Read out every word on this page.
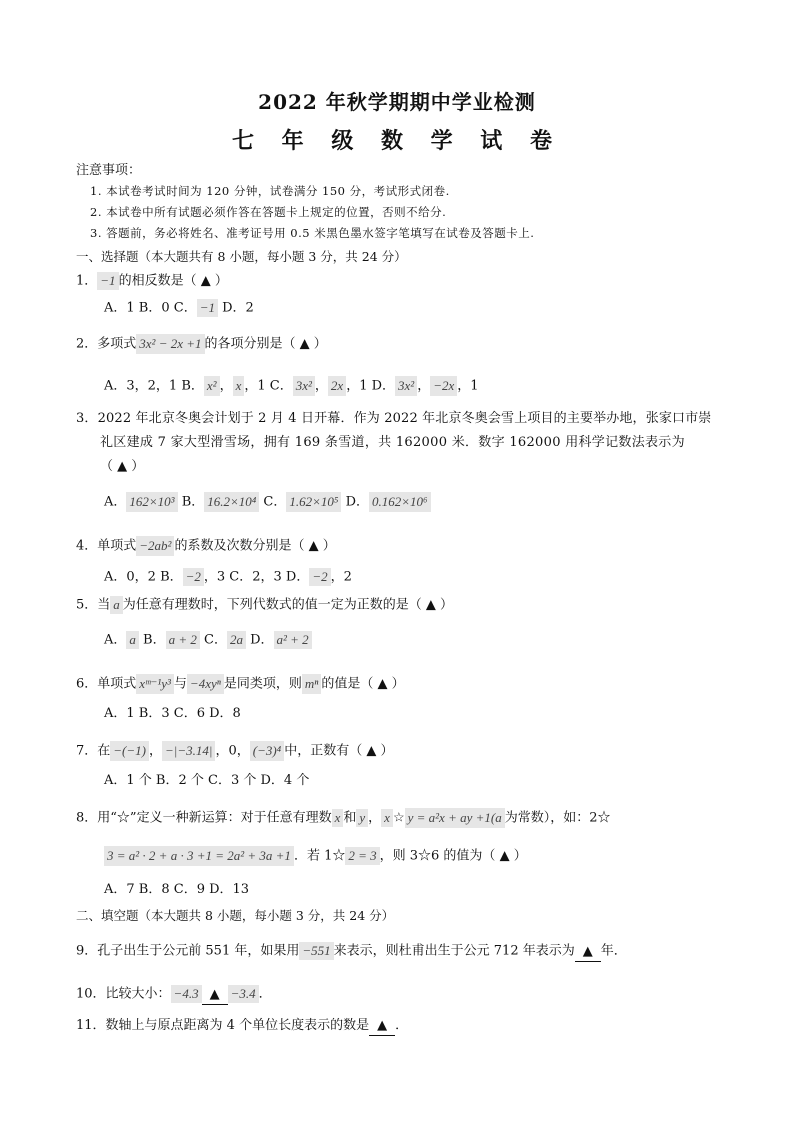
2022 年秋学期期中学业检测
七 年 级 数 学 试 卷
注意事项：
1. 本试卷考试时间为 120 分钟，试卷满分 150 分，考试形式闭卷.
2. 本试卷中所有试题必须作答在答题卡上规定的位置，否则不给分.
3. 答题前，务必将姓名、准考证号用 0.5 米黑色墨水签字笔填写在试卷及答题卡上.
一、选择题（本大题共有 8 小题，每小题 3 分，共 24 分）
1． −1 的相反数是（ ▲ ）
A．1 B．0 C． −1 D．2
2．多项式 3x² − 2x +1 的各项分别是（ ▲ ）
A．3，2，1 B． x² ， x ，1 C． 3x² ， 2x ，1 D． 3x² ， −2x ，1
3．2022 年北京冬奥会计划于 2 月 4 日开幕．作为 2022 年北京冬奥会雪上项目的主要举办地，张家口市崇
礼区建成 7 家大型滑雪场，拥有 169 条雪道，共 162000 米．数字 162000 用科学记数法表示为
（ ▲ ）
A． 162×10³ B． 16.2×10⁴ C． 1.62×10⁵ D． 0.162×10⁶
4．单项式 −2ab² 的系数及次数分别是（ ▲ ）
A．0，2 B． −2 ，3 C．2，3 D． −2 ，2
5．当 a 为任意有理数时，下列代数式的值一定为正数的是（ ▲ ）
A． a B． a + 2 C． 2a D． a² + 2
6．单项式 xᵐ⁻¹y³ 与 −4xyⁿ 是同类项，则 mⁿ 的值是（ ▲ ）
A．1 B．3 C．6 D．8
7．在 −(−1) ， −|−3.14| ，0， (−3)⁴ 中，正数有（ ▲ ）
A．1 个 B．2 个 C．3 个 D．4 个
8．用“☆”定义一种新运算：对于任意有理数 x 和 y ， x ☆ y = a²x + ay +1(a 为常数），如：2☆
3 = a² · 2 + a · 3 +1 = 2a² + 3a +1 ．若 1☆ 2 = 3 ，则 3☆6 的值为（ ▲ ）
A．7 B．8 C．9 D．13
二、填空题（本大题共 8 小题，每小题 3 分，共 24 分）
9．孔子出生于公元前 551 年，如果用 −551 来表示，则杜甫出生于公元 712 年表示为 ▲ 年．
10．比较大小： −4.3 ▲ −3.4 ．
11．数轴上与原点距离为 4 个单位长度表示的数是 ▲ ．
